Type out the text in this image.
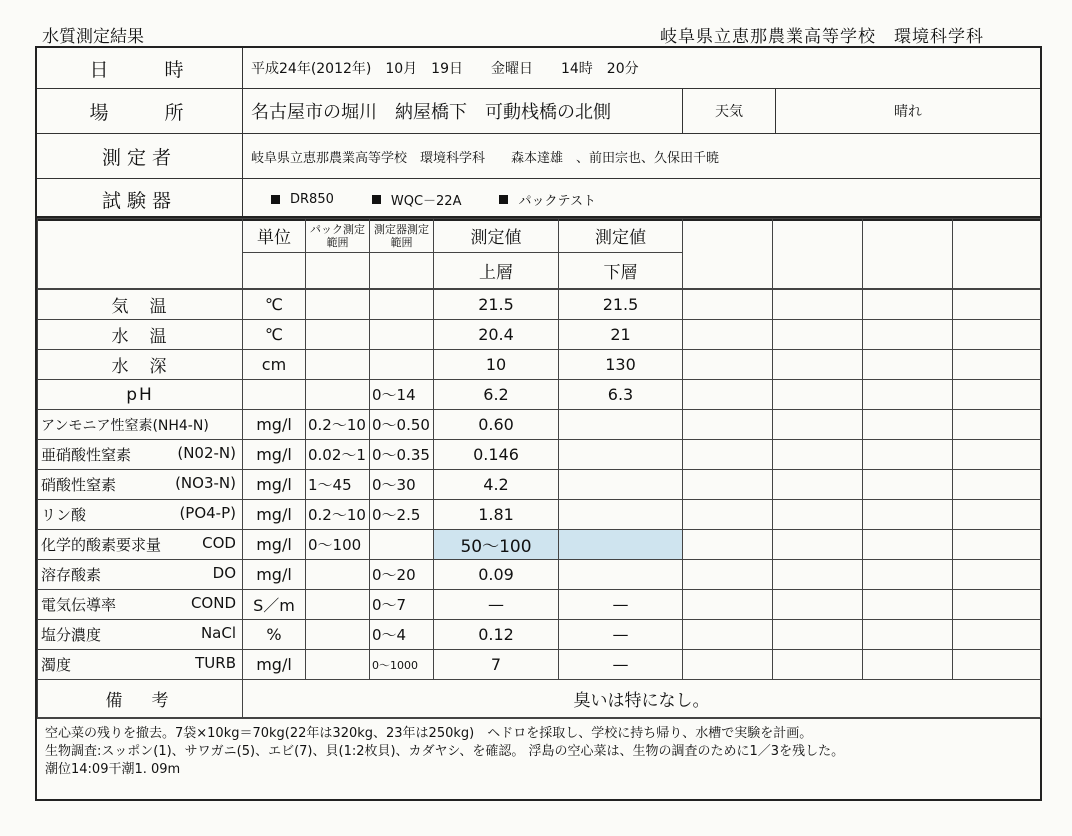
水質測定結果	岐阜県立恵那農業高等学校　環境科学科
日　　時	平成24年(2012年)　10月　19日　　金曜日　　14時　20分
場　　所	名古屋市の堀川　納屋橋下　可動栈橋の北側	天気	晴れ
測定者	岐阜県立恵那農業高等学校　環境科学科　　森本達雄　、前田宗也、久保田千暁
試験器	DR850	WQC－22A	パックテスト
	単位	パック測定範囲	測定器測定範囲	測定値	測定値				
				上層	下層				
気　温	℃			21.5	21.5				
水　温	℃			20.4	21				
水　深	cm			10	130				
pH			0～14	6.2	6.3				
アンモニア性窒素(NH4-N)	mg/l	0.2～10	0～0.50	0.60					

亜硝酸性窒素 (N02-N)	mg/l	0.02～1	0～0.35	0.146					

硝酸性窒素 (NO3-N)	mg/l	1～45	0～30	4.2					

リン酸 (PO4-P)	mg/l	0.2～10	0～2.5	1.81					

化学的酸素要求量 COD	mg/l	0～100		50～100					

溶存酸素 DO	mg/l		0～20	0.09					

電気伝導率 COND	S／m		0～7	—	—				

塩分濃度 NaCl	%		0～4	0.12	—				

濁度 TURB	mg/l		0～1000	7	—				
備　考	臭いは特になし。								
空心菜の残りを撤去。7袋×10kg＝70kg(22年は320kg、23年は250kg)　ヘドロを採取し、学校に持ち帰り、水槽で実験を計画。
生物調査:スッポン(1)、サワガニ(5)、エビ(7)、貝(1:2枚貝)、カダヤシ、を確認。 浮島の空心菜は、生物の調査のために1／3を残した。
潮位14:09干潮1. 09m
